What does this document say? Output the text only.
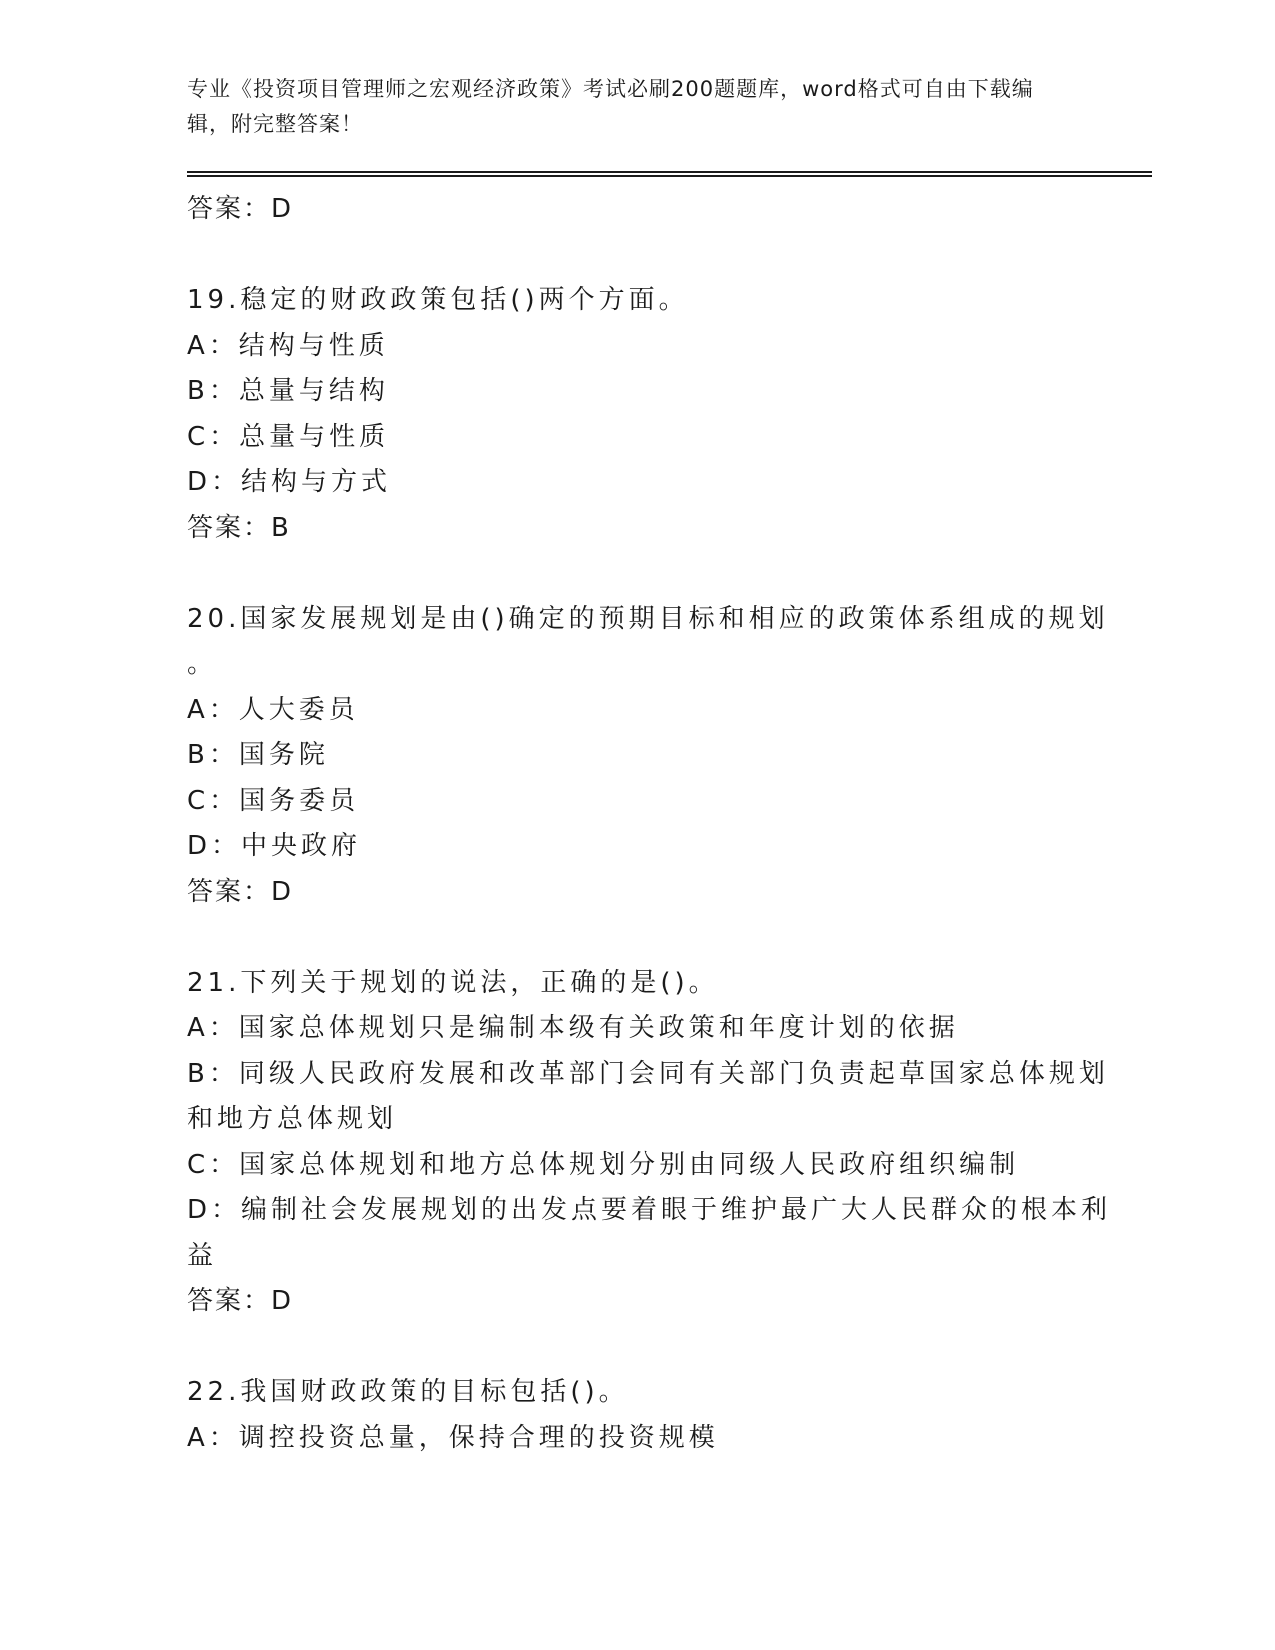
专业《投资项目管理师之宏观经济政策》考试必刷200题题库，word格式可自由下载编辑，附完整答案！
答案：D
19.稳定的财政政策包括()两个方面。
A：结构与性质
B：总量与结构
C：总量与性质
D：结构与方式
答案：B
20.国家发展规划是由()确定的预期目标和相应的政策体系组成的规划
。
A：人大委员
B：国务院
C：国务委员
D：中央政府
答案：D
21.下列关于规划的说法，正确的是()。
A：国家总体规划只是编制本级有关政策和年度计划的依据
B：同级人民政府发展和改革部门会同有关部门负责起草国家总体规划
和地方总体规划
C：国家总体规划和地方总体规划分别由同级人民政府组织编制
D：编制社会发展规划的出发点要着眼于维护最广大人民群众的根本利
益
答案：D
22.我国财政政策的目标包括()。
A：调控投资总量，保持合理的投资规模
